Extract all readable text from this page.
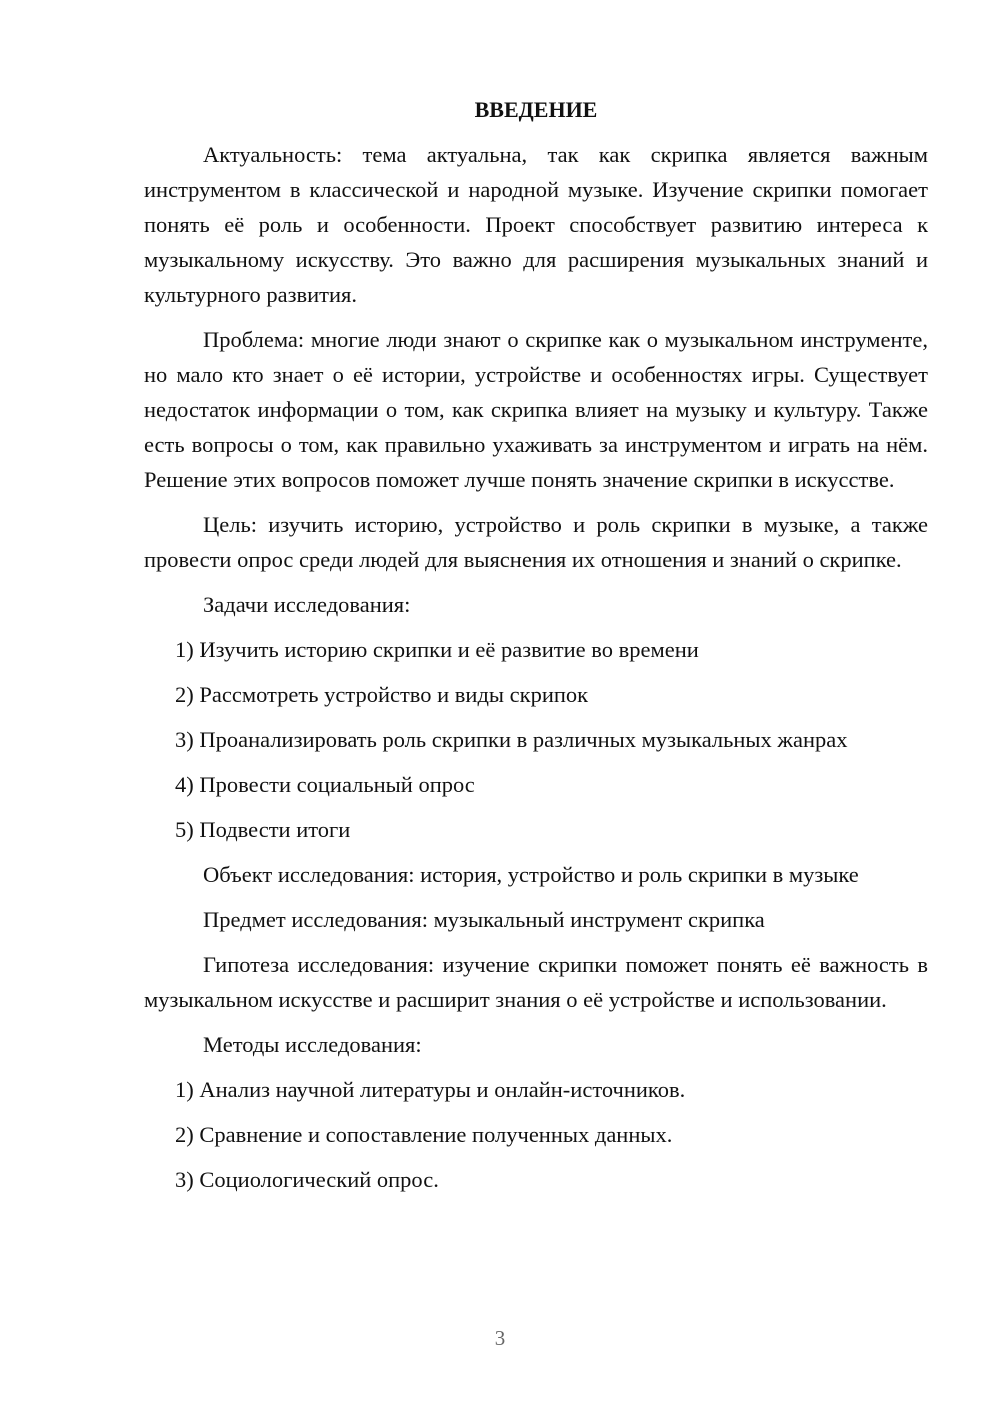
ВВЕДЕНИЕ
Актуальность: тема актуальна, так как скрипка является важным инструментом в классической и народной музыке. Изучение скрипки помогает понять её роль и особенности. Проект способствует развитию интереса к музыкальному искусству. Это важно для расширения музыкальных знаний и культурного развития.
Проблема: многие люди знают о скрипке как о музыкальном инструменте, но мало кто знает о её истории, устройстве и особенностях игры. Существует недостаток информации о том, как скрипка влияет на музыку и культуру. Также есть вопросы о том, как правильно ухаживать за инструментом и играть на нём. Решение этих вопросов поможет лучше понять значение скрипки в искусстве.
Цель: изучить историю, устройство и роль скрипки в музыке, а также провести опрос среди людей для выяснения их отношения и знаний о скрипке.
Задачи исследования:
1) Изучить историю скрипки и её развитие во времени
2) Рассмотреть устройство и виды скрипок
3) Проанализировать роль скрипки в различных музыкальных жанрах
4) Провести социальный опрос
5) Подвести итоги
Объект исследования: история, устройство и роль скрипки в музыке
Предмет исследования: музыкальный инструмент скрипка
Гипотеза исследования: изучение скрипки поможет понять её важность в музыкальном искусстве и расширит знания о её устройстве и использовании.
Методы исследования:
1) Анализ научной литературы и онлайн-источников.
2) Сравнение и сопоставление полученных данных.
3) Социологический опрос.
3
